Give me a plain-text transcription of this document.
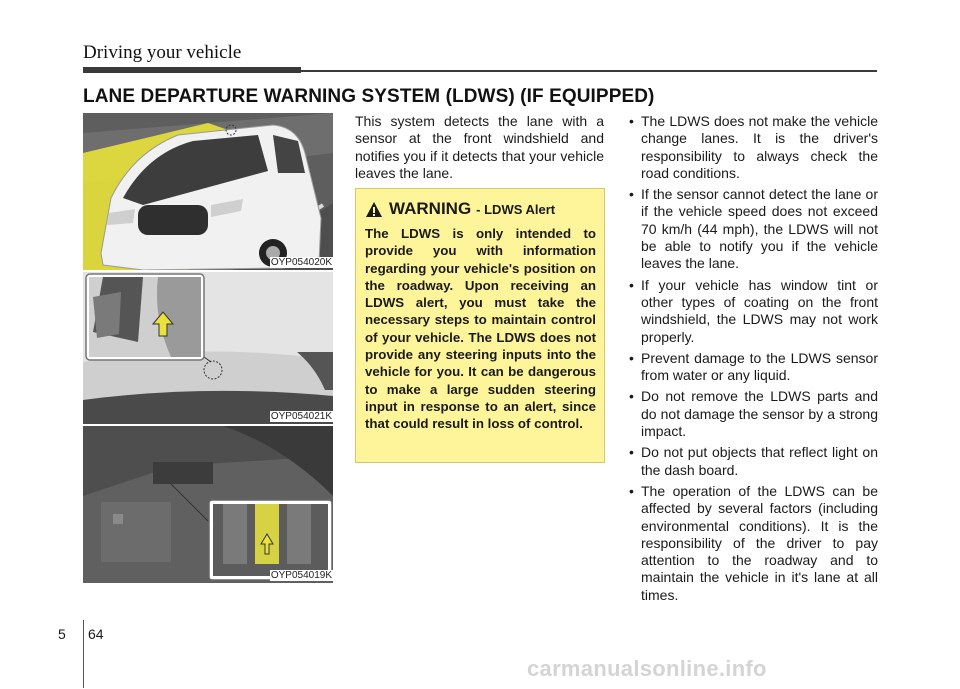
Driving your vehicle
LANE DEPARTURE WARNING SYSTEM (LDWS) (IF EQUIPPED)
OYP054020K
OYP054021K
OYP054019K
This system detects the lane with a sensor at the front windshield and notifies you if it detects that your vehicle leaves the lane.
WARNING - LDWS Alert
The LDWS is only intended to provide you with information regarding your vehicle's position on the roadway. Upon receiving an LDWS alert, you must take the necessary steps to maintain control of your vehicle. The LDWS does not provide any steering inputs into the vehicle for you. It can be dangerous to make a large sudden steering input in response to an alert, since that could result in loss of control.
• The LDWS does not make the vehicle change lanes. It is the driver's responsibility to always check the road conditions.
• If the sensor cannot detect the lane or if the vehicle speed does not exceed 70 km/h (44 mph), the LDWS will not be able to notify you if the vehicle leaves the lane.
• If your vehicle has window tint or other types of coating on the front windshield, the LDWS may not work properly.
• Prevent damage to the LDWS sensor from water or any liquid.
• Do not remove the LDWS parts and do not damage the sensor by a strong impact.
• Do not put objects that reflect light on the dash board.
• The operation of the LDWS can be affected by several factors (including environmental conditions). It is the responsibility of the driver to pay attention to the roadway and to maintain the vehicle in it's lane at all times.
5 64
carmanualsonline.info
